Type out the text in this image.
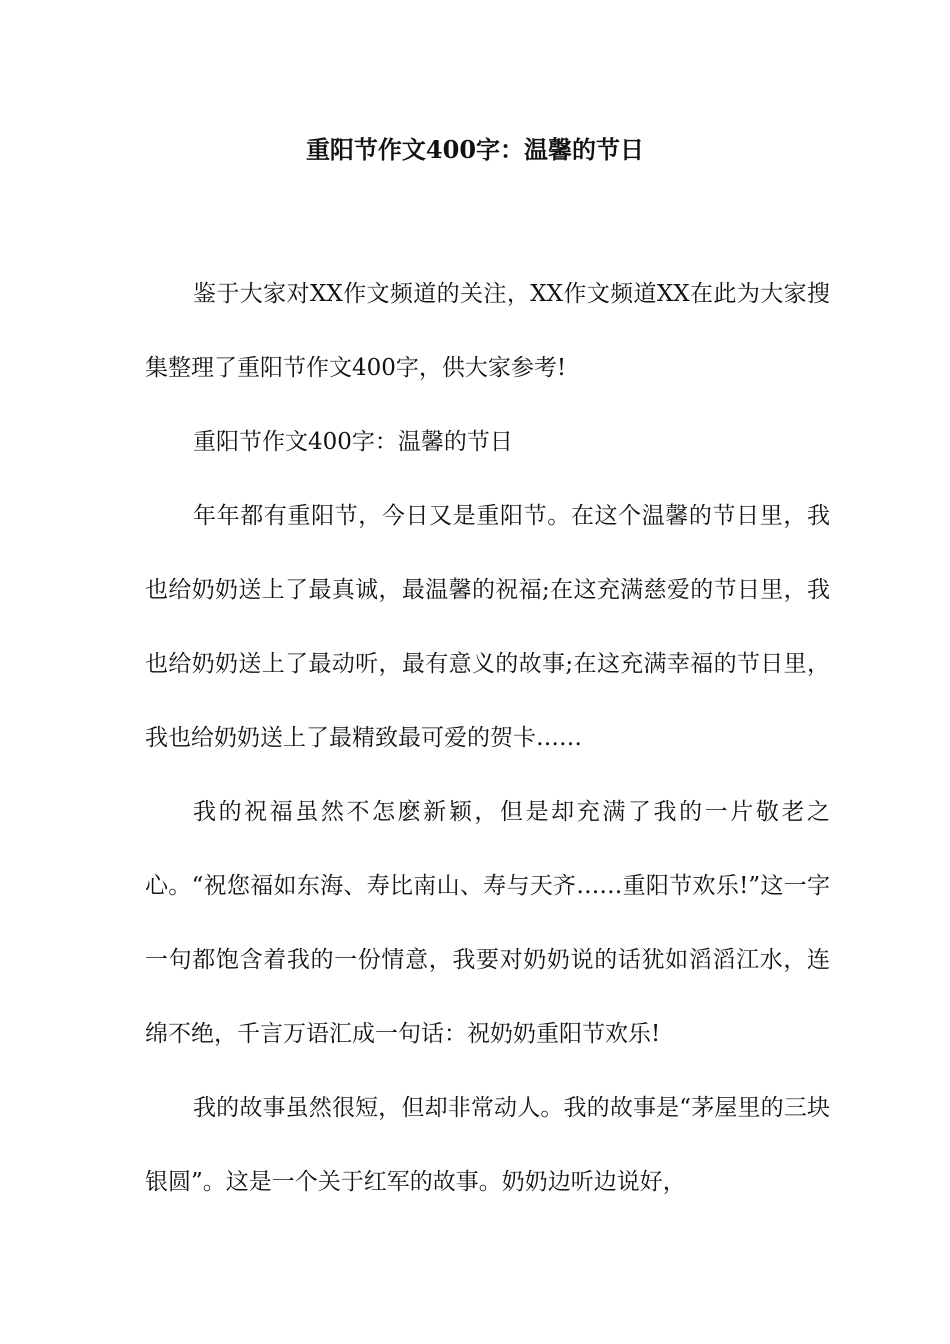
重阳节作文400字：温馨的节日

鉴于大家对XX作文频道的关注，XX作文频道XX在此为大家搜集整理了重阳节作文400字，供大家参考!

重阳节作文400字：温馨的节日

年年都有重阳节，今日又是重阳节。在这个温馨的节日里，我也给奶奶送上了最真诚，最温馨的祝福;在这充满慈爱的节日里，我也给奶奶送上了最动听，最有意义的故事;在这充满幸福的节日里，我也给奶奶送上了最精致最可爱的贺卡……

我的祝福虽然不怎麽新颖，但是却充满了我的一片敬老之心。“祝您福如东海、寿比南山、寿与天齐……重阳节欢乐!”这一字一句都饱含着我的一份情意，我要对奶奶说的话犹如滔滔江水，连绵不绝，千言万语汇成一句话：祝奶奶重阳节欢乐!

我的故事虽然很短，但却非常动人。我的故事是“茅屋里的三块银圆”。这是一个关于红军的故事。奶奶边听边说好，
